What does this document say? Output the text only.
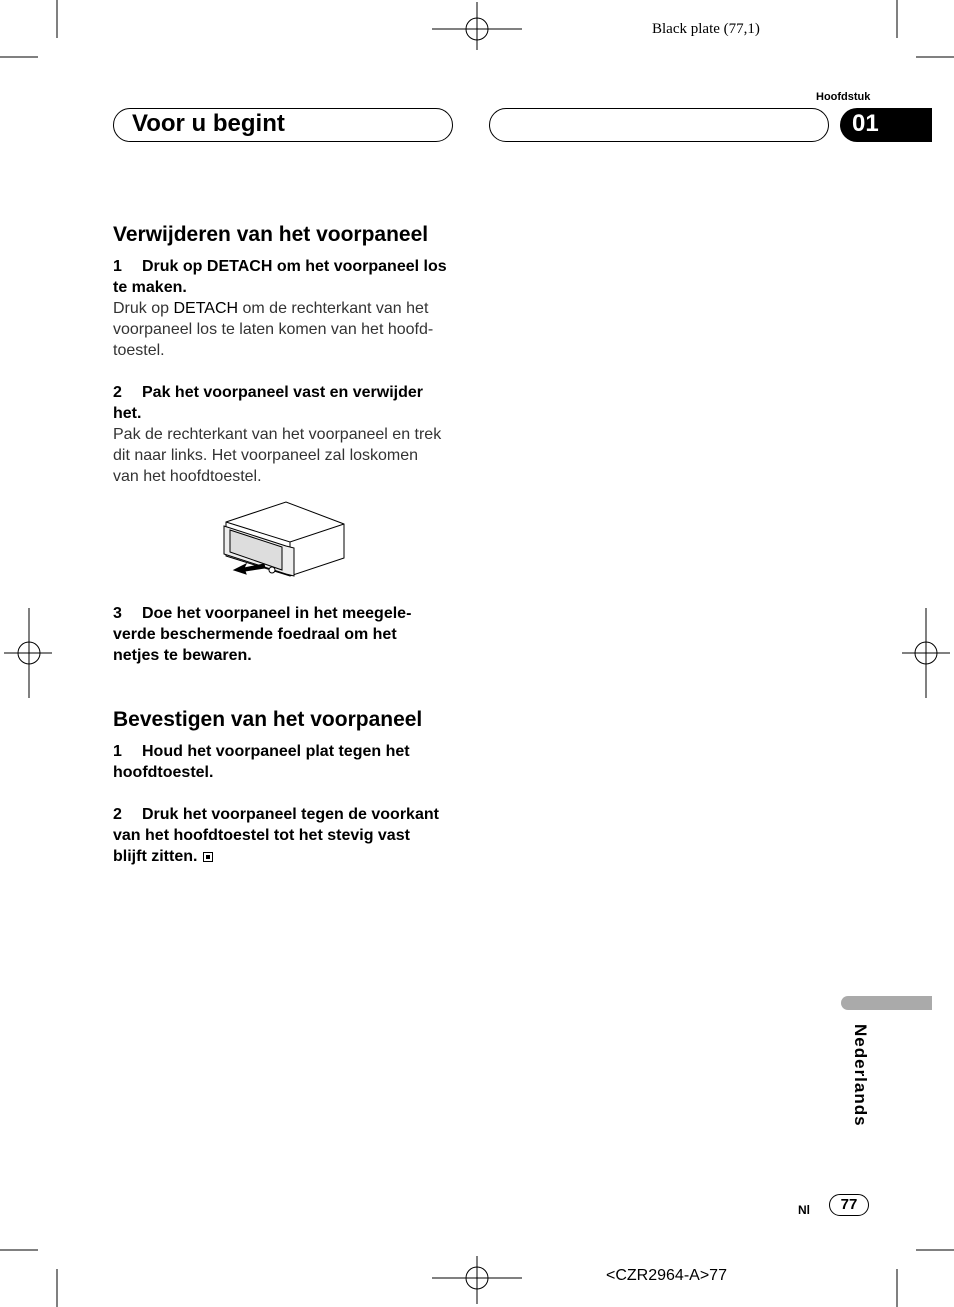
Black plate (77,1)
Hoofdstuk
Voor u begint	01
Verwijderen van het voorpaneel

1 Druk op DETACH om het voorpaneel los

te maken.

Druk op DETACH om de rechterkant van het

voorpaneel los te laten komen van het hoofd-

toestel.

2 Pak het voorpaneel vast en verwijder

het.

Pak de rechterkant van het voorpaneel en trek

dit naar links. Het voorpaneel zal loskomen

van het hoofdtoestel.

3 Doe het voorpaneel in het meegele-

verde beschermende foedraal om het

netjes te bewaren.

Bevestigen van het voorpaneel

1 Houd het voorpaneel plat tegen het

hoofdtoestel.

2 Druk het voorpaneel tegen de voorkant

van het hoofdtoestel tot het stevig vast

blijft zitten.

Nederlands
Nl	77
<CZR2964-A>77
